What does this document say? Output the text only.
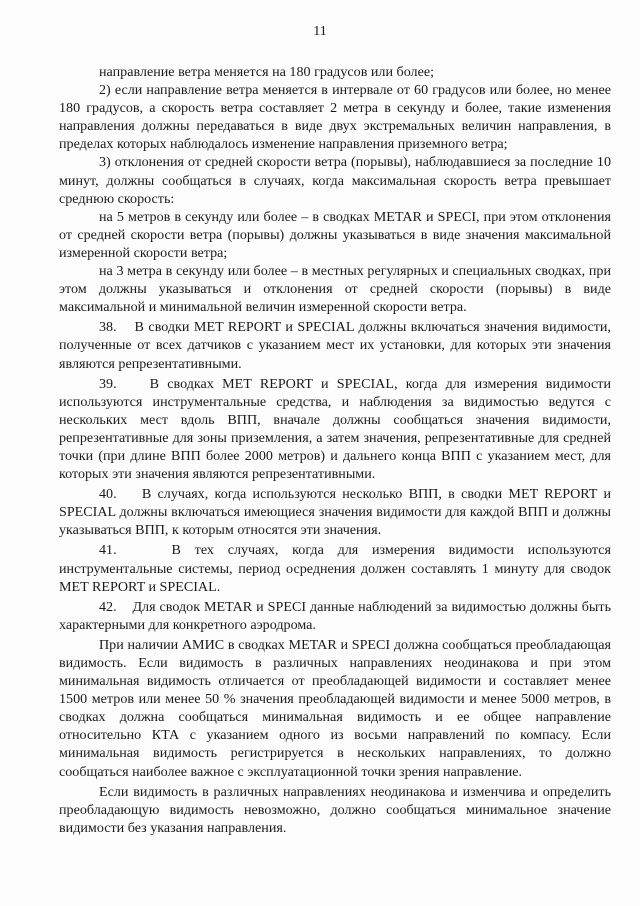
11

направление ветра меняется на 180 градусов или более;

2) если направление ветра меняется в интервале от 60 градусов или более, но менее 180 градусов, а скорость ветра составляет 2 метра в секунду и более, такие изменения направления должны передаваться в виде двух экстремальных величин направления, в пределах которых наблюдалось изменение направления приземного ветра;

3) отклонения от средней скорости ветра (порывы), наблюдавшиеся за последние 10 минут, должны сообщаться в случаях, когда максимальная скорость ветра превышает среднюю скорость:

на 5 метров в секунду или более – в сводках METAR и SPECI, при этом отклонения от средней скорости ветра (порывы) должны указываться в виде значения максимальной измеренной скорости ветра;

на 3 метра в секунду или более – в местных регулярных и специальных сводках, при этом должны указываться и отклонения от средней скорости (порывы) в виде максимальной и минимальной величин измеренной скорости ветра.

38.    В сводки MET REPORT и SPECIAL должны включаться значения видимости, полученные от всех датчиков с указанием мест их установки, для которых эти значения являются репрезентативными.

39.    В сводках MET REPORT и SPECIAL, когда для измерения видимости используются инструментальные средства, и наблюдения за видимостью ведутся с нескольких мест вдоль ВПП, вначале должны сообщаться значения видимости, репрезентативные для зоны приземления, а затем значения, репрезентативные для средней точки (при длине ВПП более 2000 метров) и дальнего конца ВПП с указанием мест, для которых эти значения являются репрезентативными.

40.    В случаях, когда используются несколько ВПП, в сводки MET REPORT и SPECIAL должны включаться имеющиеся значения видимости для каждой ВПП и должны указываться ВПП, к которым относятся эти значения.

41.    В тех случаях, когда для измерения видимости используются инструментальные системы, период осреднения должен составлять 1 минуту для сводок MET REPORT и SPECIAL.

42.    Для сводок METAR и SPECI данные наблюдений за видимостью должны быть характерными для конкретного аэродрома.

При наличии АМИС в сводках METAR и SPECI должна сообщаться преобладающая видимость. Если видимость в различных направлениях неодинакова и при этом минимальная видимость отличается от преобладающей видимости и составляет менее 1500 метров или менее 50 % значения преобладающей видимости и менее 5000 метров, в сводках должна сообщаться минимальная видимость и ее общее направление относительно КТА с указанием одного из восьми направлений по компасу. Если минимальная видимость регистрируется в нескольких направлениях, то должно сообщаться наиболее важное с эксплуатационной точки зрения направление.

Если видимость в различных направлениях неодинакова и изменчива и определить преобладающую видимость невозможно, должно сообщаться минимальное значение видимости без указания направления.
